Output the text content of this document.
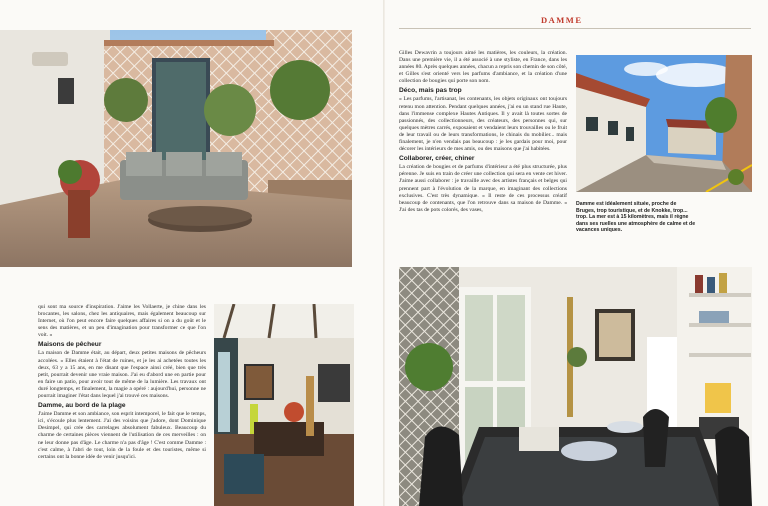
qui sont ma source d'inspiration. J'aime les Vollaerte, je chine dans les brocantes, les salons, chez les antiquaires, mais également beaucoup sur Internet, où l'on peut encore faire quelques affaires si on a du goût et le sens des matières, et un peu d'imagination pour transformer ce que l'on voit. »

Maisons de pêcheur

La maison de Damme était, au départ, deux petites maisons de pêcheurs accolées. « Elles étaient à l'état de ruines, et je les ai achetées toutes les deux, 63 y a 15 ans, en me disant que l'espace ainsi créé, bien que très petit, pourrait devenir une vraie maison. J'ai eu d'abord une en partie pour en faire un patio, pour avoir tout de même de la lumière. Les travaux ont duré longtemps, et finalement, la magie a opéré : aujourd'hui, personne ne pourrait imaginer l'état dans lequel j'ai trouvé ces maisons.

Damme, au bord de la plage

J'aime Damme et son ambiance, son esprit intemporel, le fait que le temps, ici, s'écoule plus lentement. J'ai des voisins que j'adore, dont Dominique Desimpel, qui crée des carrelages absolument fabuleux. Beaucoup du charme de certaines pièces viennent de l'utilisation de ces merveilles : on ne leur donne pas d'âge. Le charme n'a pas d'âge ! C'est comme Damme : c'est calme, à l'abri de tout, loin de la foule et des touristes, même si certains ont la bonne idée de venir jusqu'ici.

DAMME

Gilles Dewavrin a toujours aimé les matières, les couleurs, la création. Dans une première vie, il a été associé à une styliste, en France, dans les années 80. Après quelques années, chacun a repris son chemin de son côté, et Gilles s'est orienté vers les parfums d'ambiance, et la création d'une collection de bougies qui porte son nom.

Déco, mais pas trop

« Les parfums, l'artisanat, les contenants, les objets originaux ont toujours retenu mon attention. Pendant quelques années, j'ai eu un stand rue Haute, dans l'immense complexe Hautes Antiques. Il y avait là toutes sortes de passionnés, des collectionneurs, des créateurs, des personnes qui, sur quelques mètres carrés, exposaient et vendaient leurs trouvailles ou le fruit de leur travail ou de leurs transformations, le chinais du mobilier... mais finalement, je n'en vendais pas beaucoup : je les gardais pour moi, pour décorer les intérieurs de mes amis, ou des maisons que j'ai habitées.

Collaborer, créer, chiner

La création de bougies et de parfums d'intérieur a été plus structurée, plus pérenne. Je suis en train de créer une collection qui sera en vente cet hiver. J'aime aussi collaborer : je travaille avec des artistes français et belges qui prennent part à l'évolution de la marque, en imaginant des collections exclusives. C'est très dynamique. » Il reste de ces processus créatif beaucoup de contenants, que l'on retrouve dans sa maison de Damme. « J'ai des tas de pots colorés, des vases,

Damme est idéalement située, proche de Bruges, trop touristique, et de Knokke, trop... trop. La mer est à 15 kilomètres, mais il règne dans ses ruelles une atmosphère de calme et de vacances uniques.
